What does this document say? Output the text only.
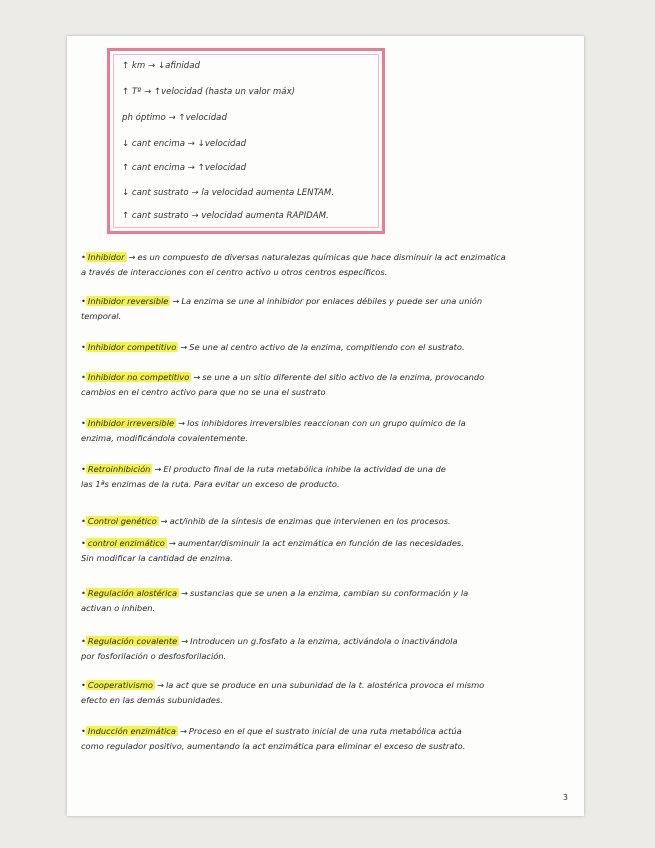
↑ km → ↓afinidad
↑ Tº → ↑velocidad (hasta un valor máx)
ph óptimo → ↑velocidad
↓ cant encima → ↓velocidad
↑ cant encima → ↑velocidad
↓ cant sustrato → la velocidad aumenta LENTAM.
↑ cant sustrato → velocidad aumenta RAPIDAM.
• Inhibidor → es un compuesto de diversas naturalezas químicas que hace disminuir la act enzimatica
a través de interacciones con el centro activo u otros centros específicos.
• Inhibidor reversible → La enzima se une al inhibidor por enlaces débiles y puede ser una unión
temporal.
• Inhibidor competitivo → Se une al centro activo de la enzima, compitiendo con el sustrato.
• Inhibidor no competitivo → se une a un sitio diferente del sitio activo de la enzima, provocando
cambios en el centro activo para que no se una el sustrato
• Inhibidor irreversible → los inhibidores irreversibles reaccionan con un grupo químico de la
enzima, modificándola covalentemente.
• Retroinhibición → El producto final de la ruta metabólica inhibe la actividad de una de
las 1ªs enzimas de la ruta. Para evitar un exceso de producto.
• Control genético → act/inhib de la síntesis de enzimas que intervienen en los procesos.
• control enzimático → aumentar/disminuir la act enzimática en función de las necesidades.
Sin modificar la cantidad de enzima.
• Regulación alostérica → sustancias que se unen a la enzima, cambian su conformación y la
activan o inhiben.
• Regulación covalente → Introducen un g.fosfato a la enzima, activándola o inactivándola
por fosforilación o desfosforilación.
• Cooperativismo → la act que se produce en una subunidad de la t. alostérica provoca el mismo
efecto en las demás subunidades.
• Inducción enzimática → Proceso en el que el sustrato inicial de una ruta metabólica actúa
como regulador positivo, aumentando la act enzimática para eliminar el exceso de sustrato.
3
